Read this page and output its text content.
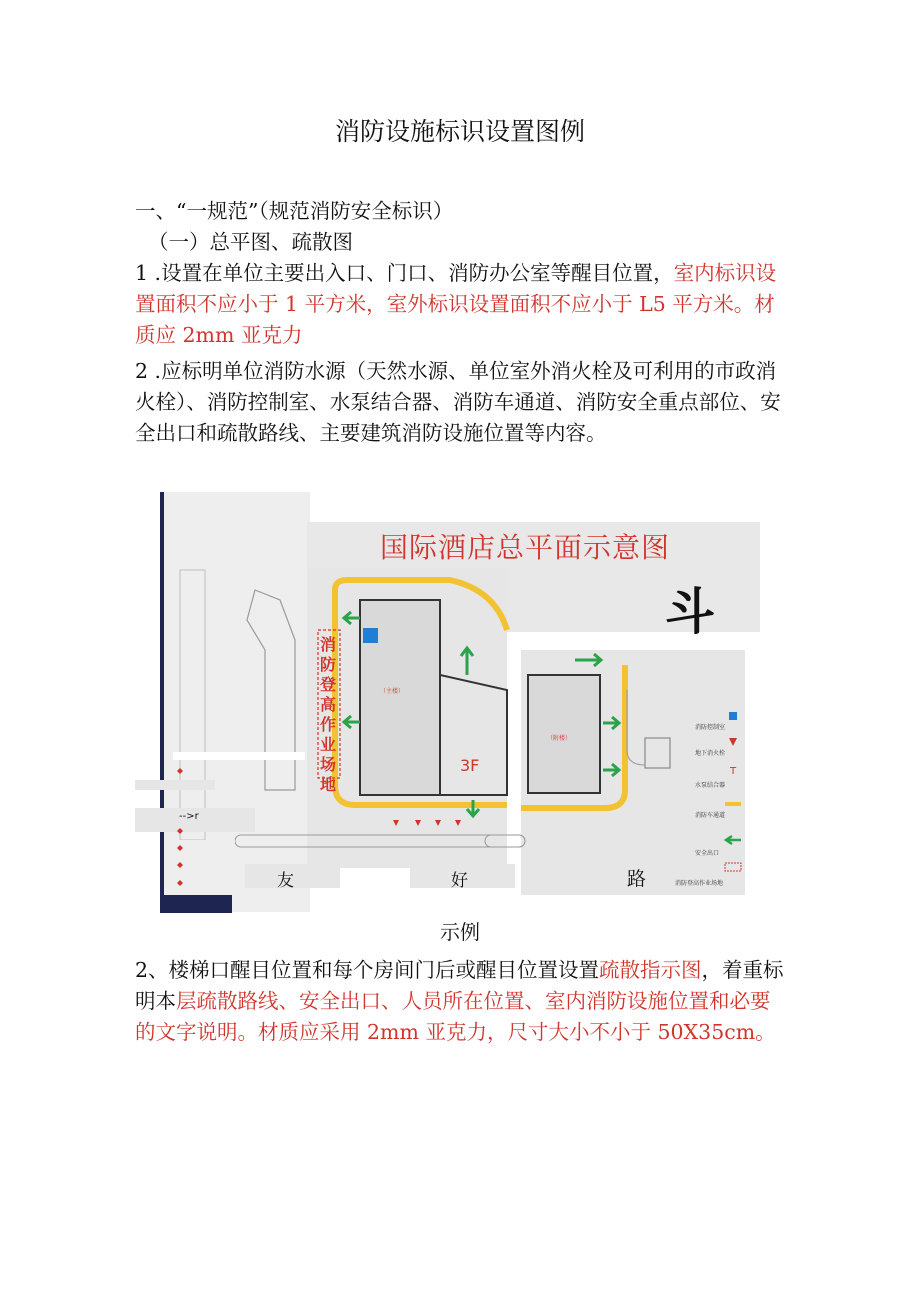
消防设施标识设置图例
一、“一规范”（规范消防安全标识）
（一）总平图、疏散图
1 .设置在单位主要出入口、门口、消防办公室等醒目位置，室内标识设置面积不应小于 1 平方米，室外标识设置面积不应小于 L5 平方米。材质应 2mm 亚克力
2 .应标明单位消防水源（天然水源、单位室外消火栓及可利用的市政消火栓）、消防控制室、水泵结合器、消防车通道、消防安全重点部位、安全出口和疏散路线、主要建筑消防设施位置等内容。
T
国际酒店总平面示意图
斗
消防登高作业场地
（主楼）
（附楼）
3F
友	好	路
-->r
消防控制室
地下消火栓
水泵结合器
消防车通道
安全出口
消防登高作业场地
示例
2、楼梯口醒目位置和每个房间门后或醒目位置设置疏散指示图，着重标明本层疏散路线、安全出口、人员所在位置、室内消防设施位置和必要的文字说明。材质应采用 2mm 亚克力，尺寸大小不小于 50X35cm。
